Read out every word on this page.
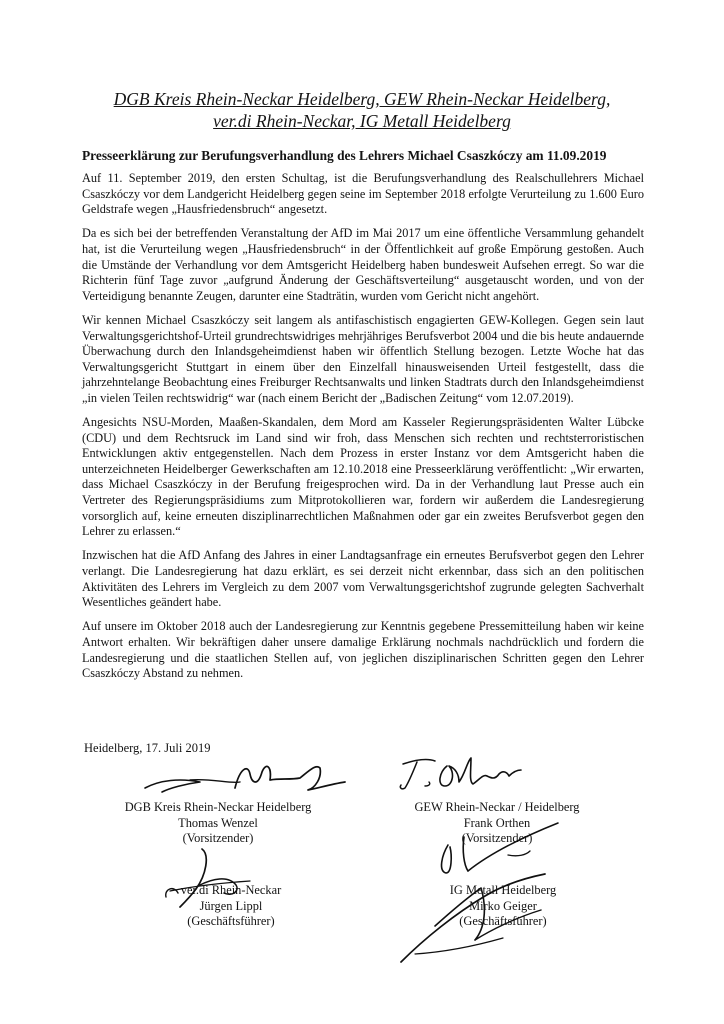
DGB Kreis Rhein-Neckar Heidelberg, GEW Rhein-Neckar Heidelberg,
ver.di Rhein-Neckar, IG Metall Heidelberg
Presseerklärung zur Berufungsverhandlung des Lehrers Michael Csaszkóczy am 11.09.2019

Auf 11. September 2019, den ersten Schultag, ist die Berufungsverhandlung des Realschullehrers Michael Csaszkóczy vor dem Landgericht Heidelberg gegen seine im September 2018 erfolgte Verurteilung zu 1.600 Euro Geldstrafe wegen „Hausfriedensbruch“ angesetzt.

Da es sich bei der betreffenden Veranstaltung der AfD im Mai 2017 um eine öffentliche Versammlung gehandelt hat, ist die Verurteilung wegen „Hausfriedensbruch“ in der Öffentlichkeit auf große Empörung gestoßen. Auch die Umstände der Verhandlung vor dem Amtsgericht Heidelberg haben bundesweit Aufsehen erregt. So war die Richterin fünf Tage zuvor „aufgrund Änderung der Geschäftsverteilung“ ausgetauscht worden, und von der Verteidigung benannte Zeugen, darunter eine Stadträtin, wurden vom Gericht nicht angehört.

Wir kennen Michael Csaszkóczy seit langem als antifaschistisch engagierten GEW-Kollegen. Gegen sein laut Verwaltungsgerichtshof-Urteil grundrechtswidriges mehrjähriges Berufsverbot 2004 und die bis heute andauernde Überwachung durch den Inlandsgeheimdienst haben wir öffentlich Stellung bezogen. Letzte Woche hat das Verwaltungsgericht Stuttgart in einem über den Einzelfall hinausweisenden Urteil festgestellt, dass die jahrzehntelange Beobachtung eines Freiburger Rechtsanwalts und linken Stadtrats durch den Inlandsgeheimdienst „in vielen Teilen rechtswidrig“ war (nach einem Bericht der „Badischen Zeitung“ vom 12.07.2019).

Angesichts NSU-Morden, Maaßen-Skandalen, dem Mord am Kasseler Regierungspräsidenten Walter Lübcke (CDU) und dem Rechtsruck im Land sind wir froh, dass Menschen sich rechten und rechtsterroristischen Entwicklungen aktiv entgegenstellen. Nach dem Prozess in erster Instanz vor dem Amtsgericht haben die unterzeichneten Heidelberger Gewerkschaften am 12.10.2018 eine Presseerklärung veröffentlicht: „Wir erwarten, dass Michael Csaszkóczy in der Berufung freigesprochen wird. Da in der Verhandlung laut Presse auch ein Vertreter des Regierungspräsidiums zum Mitprotokollieren war, fordern wir außerdem die Landesregierung vorsorglich auf, keine erneuten disziplinarrechtlichen Maßnahmen oder gar ein zweites Berufsverbot gegen den Lehrer zu erlassen.“

Inzwischen hat die AfD Anfang des Jahres in einer Landtagsanfrage ein erneutes Berufsverbot gegen den Lehrer verlangt. Die Landesregierung hat dazu erklärt, es sei derzeit nicht erkennbar, dass sich an den politischen Aktivitäten des Lehrers im Vergleich zu dem 2007 vom Verwaltungsgerichtshof zugrunde gelegten Sachverhalt Wesentliches geändert habe.

Auf unsere im Oktober 2018 auch der Landesregierung zur Kenntnis gegebene Pressemitteilung haben wir keine Antwort erhalten. Wir bekräftigen daher unsere damalige Erklärung nochmals nachdrücklich und fordern die Landesregierung und die staatlichen Stellen auf, von jeglichen disziplinarischen Schritten gegen den Lehrer Csaszkóczy Abstand zu nehmen.

Heidelberg, 17. Juli 2019
DGB Kreis Rhein-Neckar Heidelberg
Thomas Wenzel
(Vorsitzender)
GEW Rhein-Neckar / Heidelberg
Frank Orthen
(Vorsitzender)
ver.di Rhein-Neckar
Jürgen Lippl
(Geschäftsführer)
IG Metall Heidelberg
Mirko Geiger
(Geschäftsführer)
